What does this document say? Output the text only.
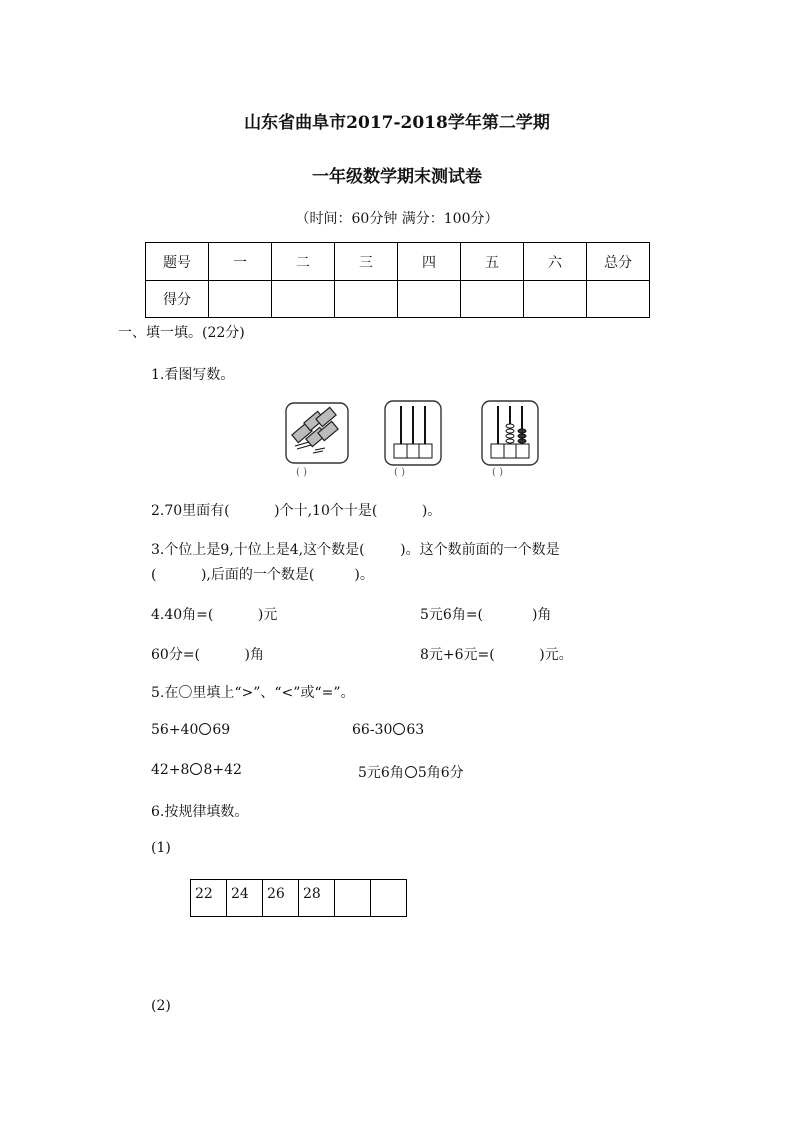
山东省曲阜市2017-2018学年第二学期
一年级数学期末测试卷
（时间：60分钟 满分：100分）
题号	一	二	三	四	五	六	总分
得分							
一、填一填。(22分)
1.看图写数。
( )	( )	( )
2.70里面有(          )个十,10个十是(          )。
3.个位上是9,十位上是4,这个数是(        )。这个数前面的一个数是
(          ),后面的一个数是(         )。
4.40角=(          )元	5元6角=(           )角
60分=(          )角	8元+6元=(          )元。
5.在〇里填上“>”、“<”或“=”。
56+40 69	66-30 63
42+8 8+42	5元6角 5角6分
6.按规律填数。
(1)
22	24	26	28		
(2)
